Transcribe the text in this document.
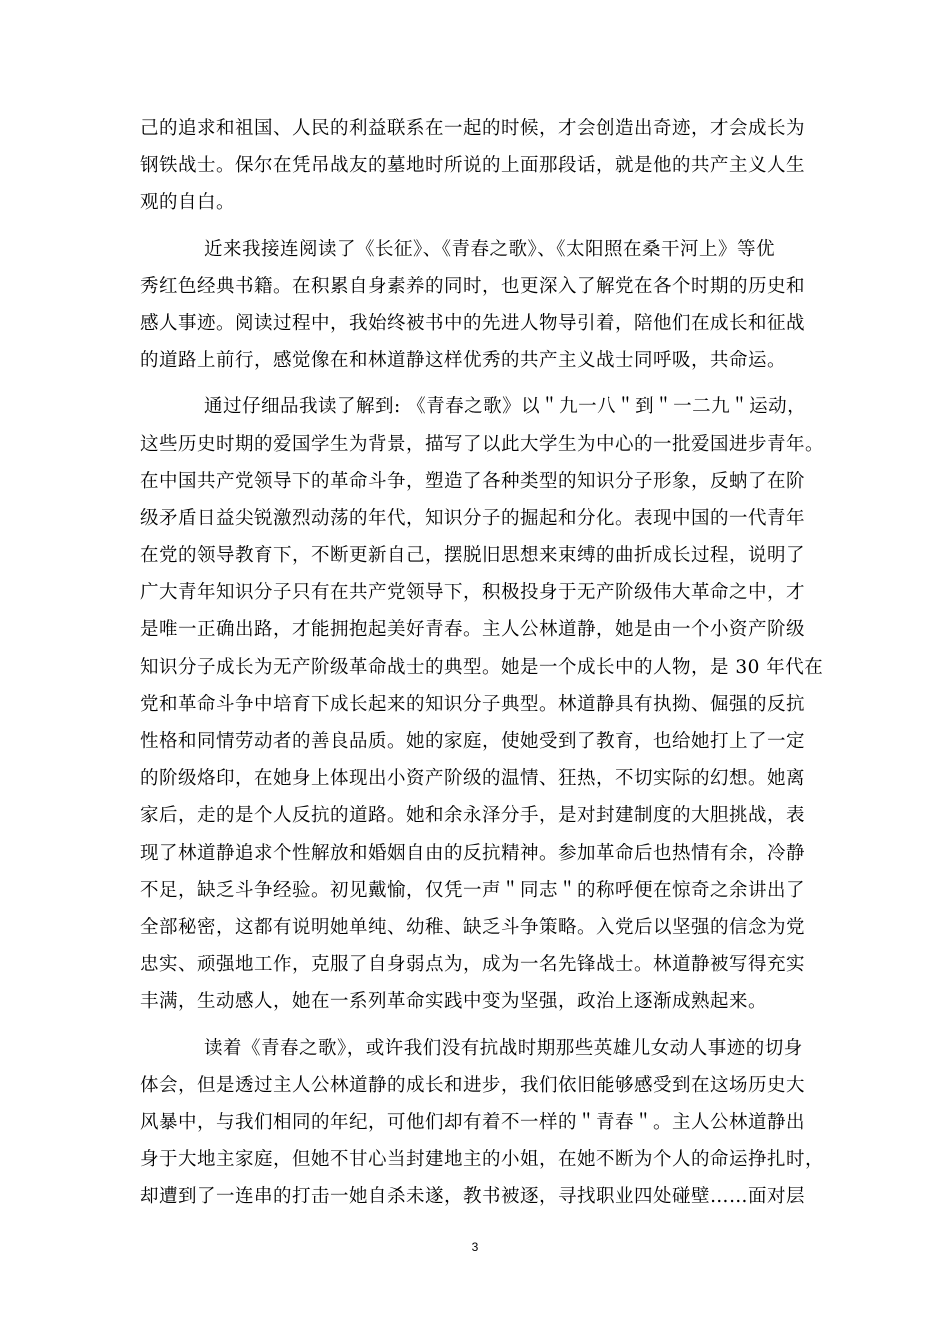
己的追求和祖国、人民的利益联系在一起的时候，才会创造出奇迹，才会成长为
钢铁战士。保尔在凭吊战友的墓地时所说的上面那段话，就是他的共产主义人生
观的自白。
近来我接连阅读了《长征》、《青春之歌》、《太阳照在桑干河上》等优
秀红色经典书籍。在积累自身素养的同时，也更深入了解党在各个时期的历史和
感人事迹。阅读过程中，我始终被书中的先进人物导引着，陪他们在成长和征战
的道路上前行，感觉像在和林道静这样优秀的共产主义战士同呼吸，共命运。
通过仔细品我读了解到: 《青春之歌》以＂九一八＂到＂一二九＂运动，
这些历史时期的爱国学生为背景，描写了以此大学生为中心的一批爱国进步青年。
在中国共产党领导下的革命斗争，塑造了各种类型的知识分子形象，反蚋了在阶
级矛盾日益尖锐激烈动荡的年代，知识分子的掘起和分化。表现中国的一代青年
在党的领导教育下，不断更新自己，摆脱旧思想来束缚的曲折成长过程，说明了
广大青年知识分子只有在共产党领导下，积极投身于无产阶级伟大革命之中，才
是唯一正确出路，才能拥抱起美好青春。主人公林道静，她是由一个小资产阶级
知识分子成长为无产阶级革命战士的典型。她是一个成长中的人物，是 30 年代在
党和革命斗争中培育下成长起来的知识分子典型。林道静具有执拗、倔强的反抗
性格和同情劳动者的善良品质。她的家庭，使她受到了教育，也给她打上了一定
的阶级烙印，在她身上体现出小资产阶级的温情、狂热，不切实际的幻想。她离
家后，走的是个人反抗的道路。她和余永泽分手，是对封建制度的大胆挑战，表
现了林道静追求个性解放和婚姻自由的反抗精神。参加革命后也热情有余，冷静
不足，缺乏斗争经验。初见戴愉，仅凭一声＂同志＂的称呼便在惊奇之余讲出了
全部秘密，这都有说明她单纯、幼稚、缺乏斗争策略。入党后以坚强的信念为党
忠实、顽强地工作，克服了自身弱点为，成为一名先锋战士。林道静被写得充实
丰满，生动感人，她在一系列革命实践中变为坚强，政治上逐渐成熟起来。
读着《青春之歌》，或许我们没有抗战时期那些英雄儿女动人事迹的切身
体会，但是透过主人公林道静的成长和进步，我们依旧能够感受到在这场历史大
风暴中，与我们相同的年纪，可他们却有着不一样的＂青春＂。主人公林道静出
身于大地主家庭，但她不甘心当封建地主的小姐，在她不断为个人的命运挣扎时，
却遭到了一连串的打击一她自杀未遂，教书被逐，寻找职业四处碰壁……面对层
3
